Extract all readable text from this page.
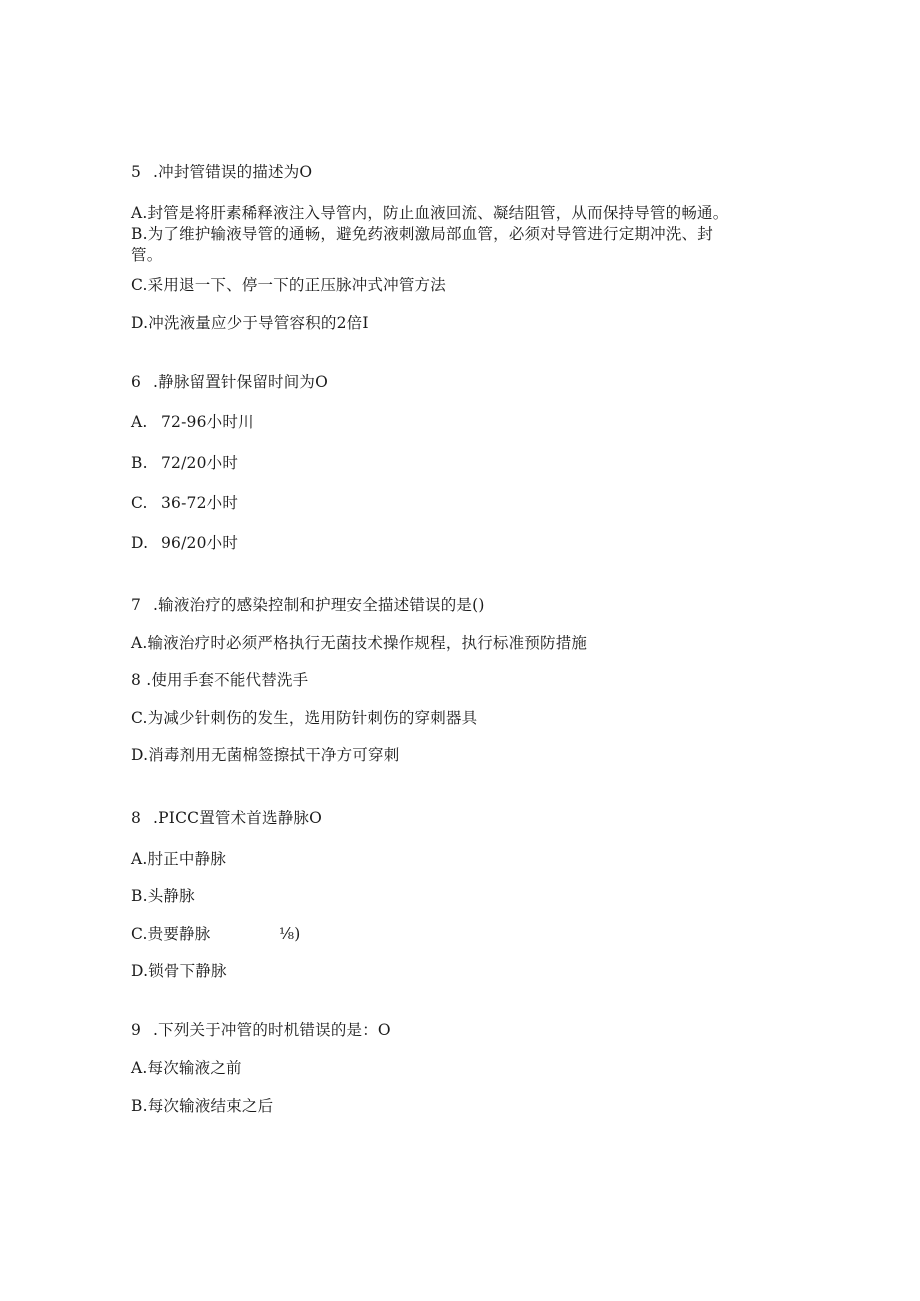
5 .冲封管错误的描述为O
A.封管是将肝素稀释液注入导管内，防止血液回流、凝结阻管，从而保持导管的畅通。
B.为了维护输液导管的通畅，避免药液刺激局部血管，必须对导管进行定期冲洗、封
管。
C.采用退一下、停一下的正压脉冲式冲管方法
D.冲洗液量应少于导管容积的2倍I
6 .静脉留置针保留时间为O
A. 72-96小时川
B. 72/20小时
C. 36-72小时
D. 96/20小时
7 .输液治疗的感染控制和护理安全描述错误的是()
A.输液治疗时必须严格执行无菌技术操作规程，执行标准预防措施
8 .使用手套不能代替洗手
C.为减少针刺伤的发生，选用防针刺伤的穿刺器具
D.消毒剂用无菌棉签擦拭干净方可穿刺
8 .PICC置管术首选静脉O
A.肘正中静脉
B.头静脉
C.贵要静脉	⅛)
D.锁骨下静脉
9 .下列关于冲管的时机错误的是：O
A.每次输液之前
B.每次输液结束之后
